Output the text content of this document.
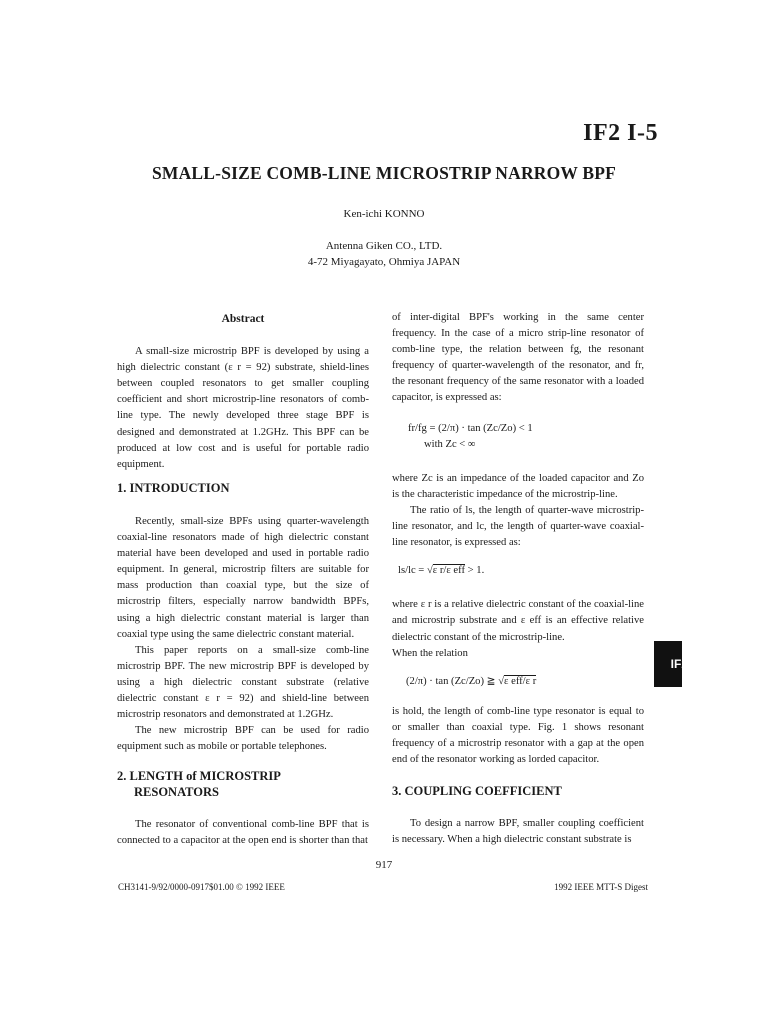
IF2 I-5
SMALL-SIZE COMB-LINE MICROSTRIP NARROW BPF
Ken-ichi KONNO
Antenna Giken CO., LTD.
4-72 Miyagayato, Ohmiya JAPAN

Abstract

A small-size microstrip BPF is developed by using a high dielectric constant (ε r = 92) substrate, shield-lines between coupled resonators to get smaller coupling coefficient and short microstrip-line resonators of comb-line type. The newly developed three stage BPF is designed and demonstrated at 1.2GHz. This BPF can be produced at low cost and is useful for portable radio equipment.

1. INTRODUCTION

Recently, small-size BPFs using quarter-wavelength coaxial-line resonators made of high dielectric constant material have been developed and used in portable radio equipment. In general, microstrip filters are suitable for mass production than coaxial type, but the size of microstrip filters, especially narrow bandwidth BPFs, using a high dielectric constant material is larger than coaxial type using the same dielectric constant material.

This paper reports on a small-size comb-line microstrip BPF. The new microstrip BPF is developed by using a high dielectric constant substrate (relative dielectric constant ε r = 92) and shield-line between microstrip resonators and demonstrated at 1.2GHz.

The new microstrip BPF can be used for radio equipment such as mobile or portable telephones.

2. LENGTH of MICROSTRIP

RESONATORS

The resonator of conventional comb-line BPF that is connected to a capacitor at the open end is shorter than that

of inter-digital BPF's working in the same center frequency. In the case of a micro strip-line resonator of comb-line type, the relation between fg, the resonant frequency of quarter-wavelength of the resonator, and fr, the resonant frequency of the same resonator with a loaded capacitor, is expressed as:

fr/fg = (2/π) · tan (Zc/Zo) < 1
with Zc < ∞

where Zc is an impedance of the loaded capacitor and Zo is the characteristic impedance of the microstrip-line.

The ratio of ls, the length of quarter-wave microstrip-line resonator, and lc, the length of quarter-wave coaxial-line resonator, is expressed as:

ls/lc = √ε r/ε eff > 1.

where ε r is a relative dielectric constant of the coaxial-line and microstrip substrate and ε eff is an effective relative dielectric constant of the microstrip-line.

When the relation

(2/π) · tan (Zc/Zo) ≧ √ε eff/ε r

is hold, the length of comb-line type resonator is equal to or smaller than coaxial type. Fig. 1 shows resonant frequency of a microstrip resonator with a gap at the open end of the resonator working as lorded capacitor.

3. COUPLING COEFFICIENT

To design a narrow BPF, smaller coupling coefficient is necessary. When a high dielectric constant substrate is

IF2
917
CH3141-9/92/0000-0917$01.00 © 1992 IEEE	1992 IEEE MTT-S Digest
